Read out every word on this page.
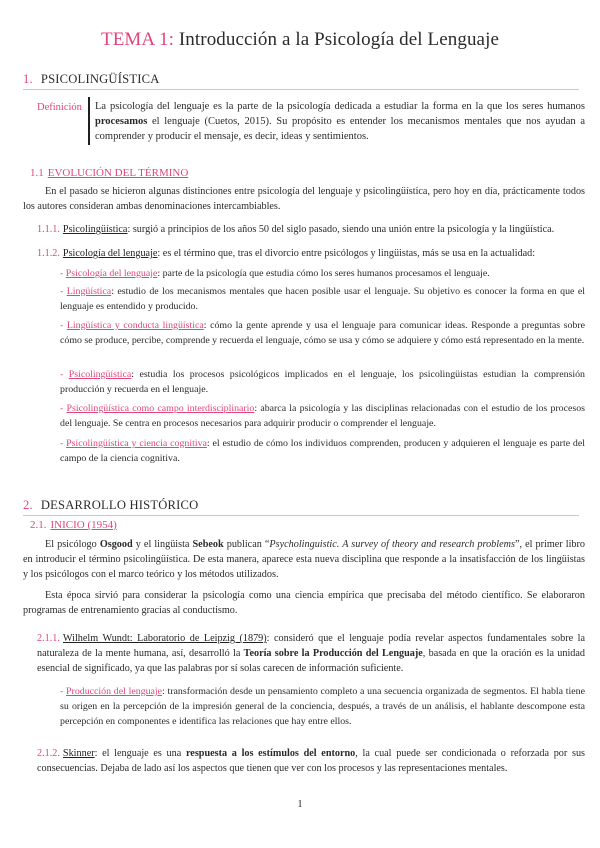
TEMA 1: Introducción a la Psicología del Lenguaje
1. PSICOLINGÜÍSTICA
Definición La psicología del lenguaje es la parte de la psicología dedicada a estudiar la forma en la que los seres humanos procesamos el lenguaje (Cuetos, 2015). Su propósito es entender los mecanismos mentales que nos ayudan a comprender y producir el mensaje, es decir, ideas y sentimientos.
1.1 EVOLUCIÓN DEL TÉRMINO
En el pasado se hicieron algunas distinciones entre psicología del lenguaje y psicolingüística, pero hoy en día, prácticamente todos los autores consideran ambas denominaciones intercambiables.
1.1.1. Psicolingüística: surgió a principios de los años 50 del siglo pasado, siendo una unión entre la psicología y la lingüística.
1.1.2. Psicología del lenguaje: es el término que, tras el divorcio entre psicólogos y lingüistas, más se usa en la actualidad:
- Psicología del lenguaje: parte de la psicología que estudia cómo los seres humanos procesamos el lenguaje.
- Lingüística: estudio de los mecanismos mentales que hacen posible usar el lenguaje. Su objetivo es conocer la forma en que el lenguaje es entendido y producido.
- Lingüística y conducta lingüística: cómo la gente aprende y usa el lenguaje para comunicar ideas. Responde a preguntas sobre cómo se produce, percibe, comprende y recuerda el lenguaje, cómo se usa y cómo se adquiere y cómo está representado en la mente.
- Psicolingüística: estudia los procesos psicológicos implicados en el lenguaje, los psicolingüistas estudian la comprensión producción y recuerda en el lenguaje.
- Psicolingüística como campo interdisciplinario: abarca la psicología y las disciplinas relacionadas con el estudio de los procesos del lenguaje. Se centra en procesos necesarios para adquirir producir o comprender el lenguaje.
- Psicolingüística y ciencia cognitiva: el estudio de cómo los individuos comprenden, producen y adquieren el lenguaje es parte del campo de la ciencia cognitiva.
2. DESARROLLO HISTÓRICO
2.1. INICIO (1954)
El psicólogo Osgood y el lingüista Sebeok publican “Psycholinguistic. A survey of theory and research problems”, el primer libro en introducir el término psicolingüística. De esta manera, aparece esta nueva disciplina que responde a la insatisfacción de los lingüistas y los psicólogos con el marco teórico y los métodos utilizados.
Esta época sirvió para considerar la psicología como una ciencia empírica que precisaba del método científico. Se elaboraron programas de entrenamiento gracias al conductismo.
2.1.1. Wilhelm Wundt: Laboratorio de Leipzig (1879): consideró que el lenguaje podía revelar aspectos fundamentales sobre la naturaleza de la mente humana, así, desarrolló la Teoría sobre la Producción del Lenguaje, basada en que la oración es la unidad esencial de significado, ya que las palabras por sí solas carecen de información suficiente.
- Producción del lenguaje: transformación desde un pensamiento completo a una secuencia organizada de segmentos. El habla tiene su origen en la percepción de la impresión general de la conciencia, después, a través de un análisis, el hablante descompone esta percepción en componentes e identifica las relaciones que hay entre ellos.
2.1.2. Skinner: el lenguaje es una respuesta a los estímulos del entorno, la cual puede ser condicionada o reforzada por sus consecuencias. Dejaba de lado así los aspectos que tienen que ver con los procesos y las representaciones mentales.
1
